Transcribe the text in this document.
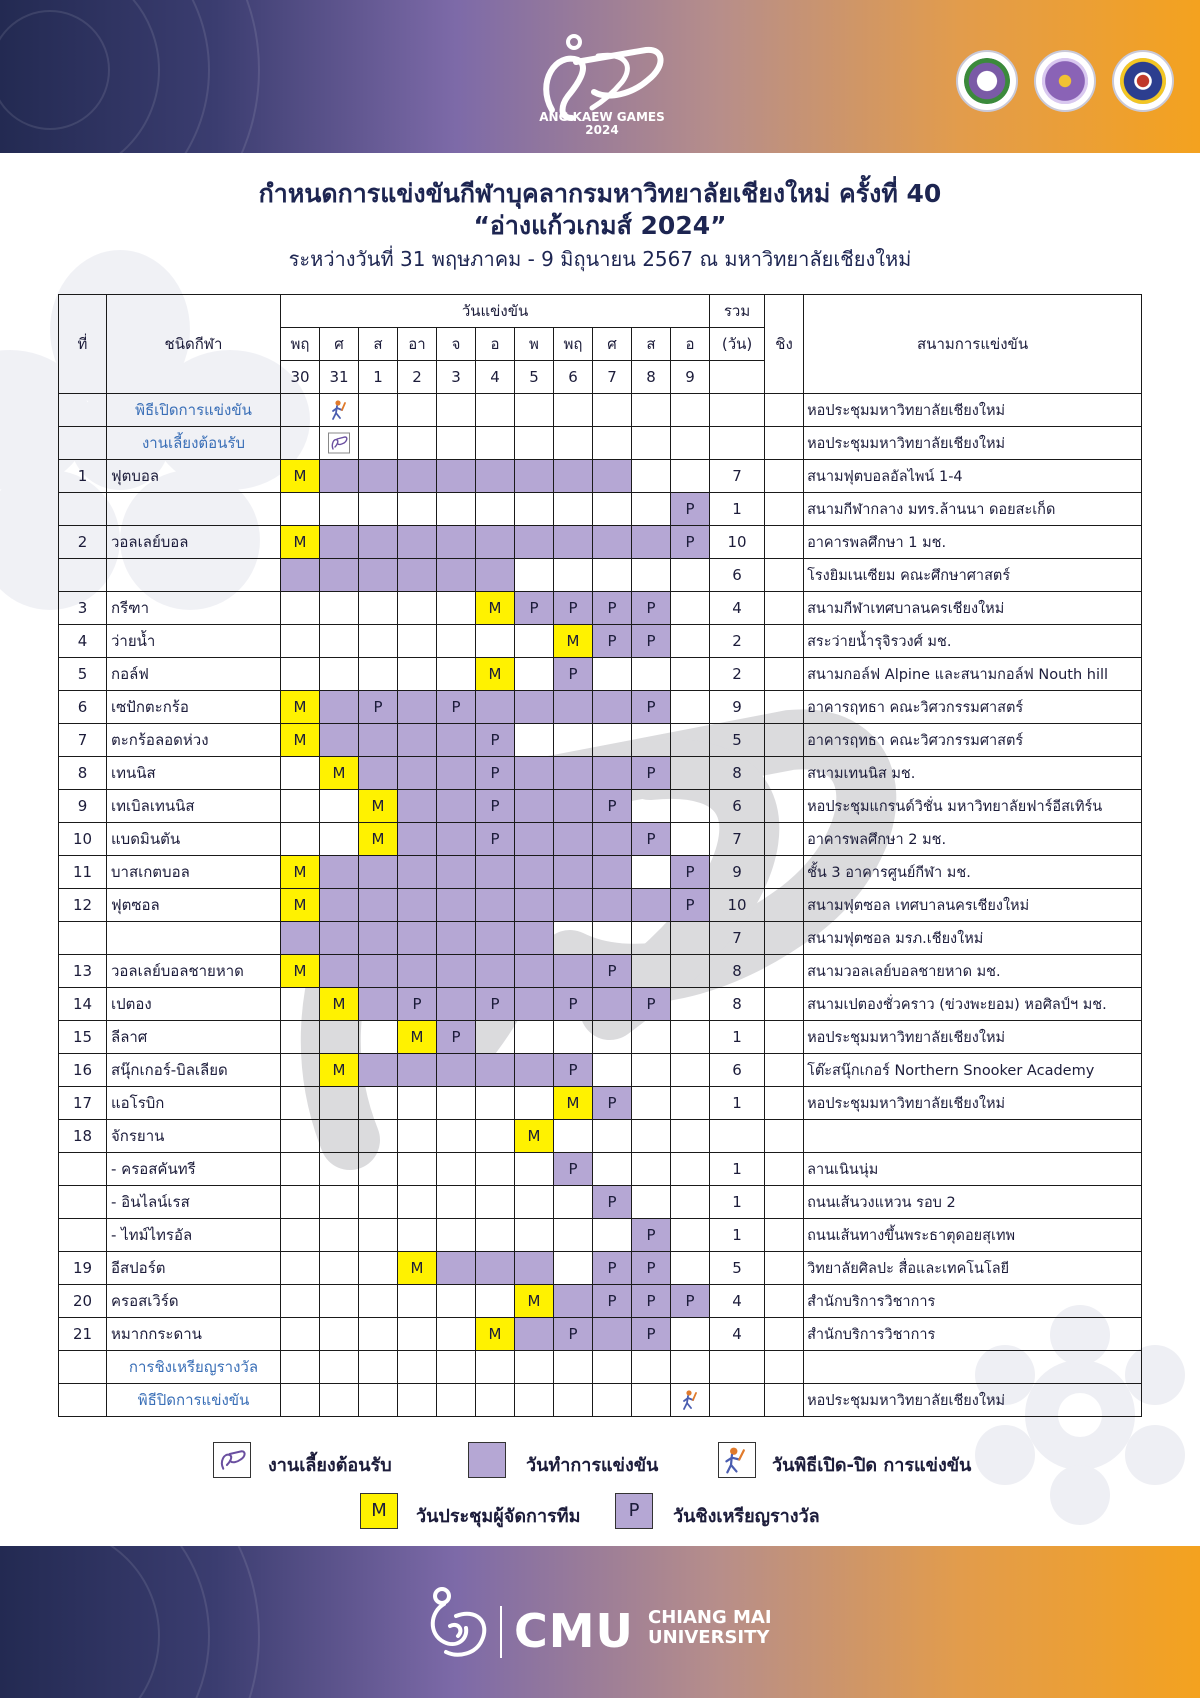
ANG KAEW GAMES
2024
กำหนดการแข่งขันกีฬาบุคลากรมหาวิทยาลัยเชียงใหม่ ครั้งที่ 40
“อ่างแก้วเกมส์ 2024”
ระหว่างวันที่ 31 พฤษภาคม - 9 มิถุนายน 2567 ณ มหาวิทยาลัยเชียงใหม่
ที่	ชนิดกีฬา	วันแข่งขัน											รวม	ชิง	สนามการแข่งขัน
		พฤ	ศ	ส	อา	จ	อ	พ	พฤ	ศ	ส	อ	(วัน)		
		30	31	1	2	3	4	5	6	7	8	9			
	พิธีเปิดการแข่งขัน														หอประชุมมหาวิทยาลัยเชียงใหม่
	งานเลี้ยงต้อนรับ														หอประชุมมหาวิทยาลัยเชียงใหม่
1	ฟุตบอล	M											7		สนามฟุตบอลอัลไพน์ 1-4
												P	1		สนามกีฬากลาง มทร.ล้านนา ดอยสะเก็ด
2	วอลเลย์บอล	M										P	10		อาคารพลศึกษา 1 มช.
													6		โรงยิมเนเซียม คณะศึกษาศาสตร์
3	กรีฑา						M	P	P	P	P		4		สนามกีฬาเทศบาลนครเชียงใหม่
4	ว่ายน้ำ								M	P	P		2		สระว่ายน้ำรุจิรวงศ์ มช.
5	กอล์ฟ						M		P				2		สนามกอล์ฟ Alpine และสนามกอล์ฟ Nouth hill
6	เซปักตะกร้อ	M		P		P					P		9		อาคารฤทธา คณะวิศวกรรมศาสตร์
7	ตะกร้อลอดห่วง	M					P						5		อาคารฤทธา คณะวิศวกรรมศาสตร์
8	เทนนิส		M				P				P		8		สนามเทนนิส มช.
9	เทเบิลเทนนิส			M			P			P			6		หอประชุมแกรนด์วิชั่น มหาวิทยาลัยฟาร์อีสเทิร์น
10	แบดมินตัน			M			P				P		7		อาคารพลศึกษา 2 มช.
11	บาสเกตบอล	M										P	9		ชั้น 3 อาคารศูนย์กีฬา มช.
12	ฟุตซอล	M										P	10		สนามฟุตซอล เทศบาลนครเชียงใหม่
													7		สนามฟุตซอล มรภ.เชียงใหม่
13	วอลเลย์บอลชายหาด	M								P			8		สนามวอลเลย์บอลชายหาด มช.
14	เปตอง		M		P		P		P		P		8		สนามเปตองชั่วคราว (ข่วงพะยอม) หอศิลป์ฯ มช.
15	ลีลาศ				M	P							1		หอประชุมมหาวิทยาลัยเชียงใหม่
16	สนุ๊กเกอร์-บิลเลียด		M						P				6		โต๊ะสนุ๊กเกอร์ Northern Snooker Academy
17	แอโรบิก								M	P			1		หอประชุมมหาวิทยาลัยเชียงใหม่
18	จักรยาน							M							
	- ครอสคันทรี								P				1		ลานเนินนุ่ม
	- อินไลน์เรส									P			1		ถนนเส้นวงแหวน รอบ 2
	- ไทม์ไทรอัล										P		1		ถนนเส้นทางขึ้นพระธาตุดอยสุเทพ
19	อีสปอร์ต				M					P	P		5		วิทยาลัยศิลปะ สื่อและเทคโนโลยี
20	ครอสเวิร์ด							M		P	P	P	4		สำนักบริการวิชาการ
21	หมากกระดาน						M		P		P		4		สำนักบริการวิชาการ
	การชิงเหรียญรางวัล														
	พิธีปิดการแข่งขัน														หอประชุมมหาวิทยาลัยเชียงใหม่
งานเลี้ยงต้อนรับ	วันทำการแข่งขัน	วันพิธีเปิด-ปิด การแข่งขัน
M	วันประชุมผู้จัดการทีม	P	วันชิงเหรียญรางวัล
CMU CHIANG MAI
UNIVERSITY
